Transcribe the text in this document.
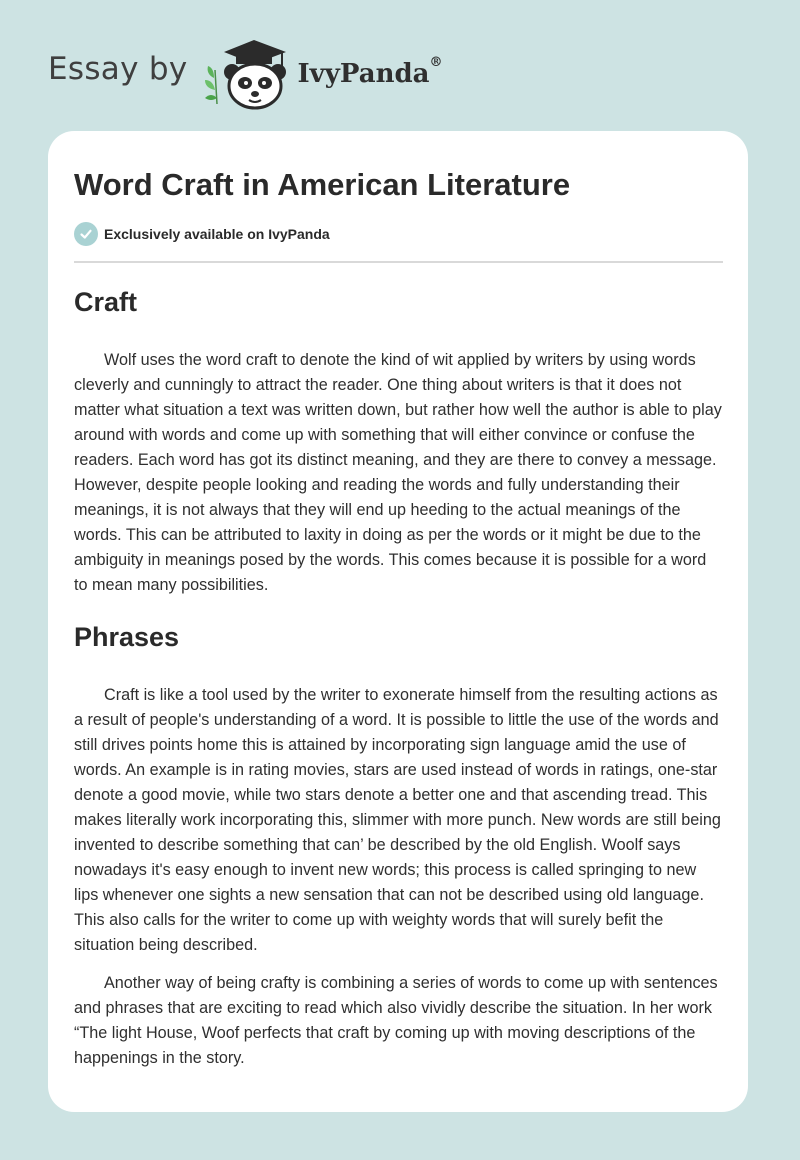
Essay by	IvyPanda®
Word Craft in American Literature
Exclusively available on IvyPanda
Craft

Wolf uses the word craft to denote the kind of wit applied by writers by using words cleverly and cunningly to attract the reader. One thing about writers is that it does not matter what situation a text was written down, but rather how well the author is able to play around with words and come up with something that will either convince or confuse the readers. Each word has got its distinct meaning, and they are there to convey a message. However, despite people looking and reading the words and fully understanding their meanings, it is not always that they will end up heeding to the actual meanings of the words. This can be attributed to laxity in doing as per the words or it might be due to the ambiguity in meanings posed by the words. This comes because it is possible for a word to mean many possibilities.

Phrases

Craft is like a tool used by the writer to exonerate himself from the resulting actions as a result of people's understanding of a word. It is possible to little the use of the words and still drives points home this is attained by incorporating sign language amid the use of words. An example is in rating movies, stars are used instead of words in ratings, one-star denote a good movie, while two stars denote a better one and that ascending tread. This makes literally work incorporating this, slimmer with more punch. New words are still being invented to describe something that can’ be described by the old English. Woolf says nowadays it's easy enough to invent new words; this process is called springing to new lips whenever one sights a new sensation that can not be described using old language. This also calls for the writer to come up with weighty words that will surely befit the situation being described.

Another way of being crafty is combining a series of words to come up with sentences and phrases that are exciting to read which also vividly describe the situation. In her work “The light House, Woof perfects that craft by coming up with moving descriptions of the happenings in the story.
